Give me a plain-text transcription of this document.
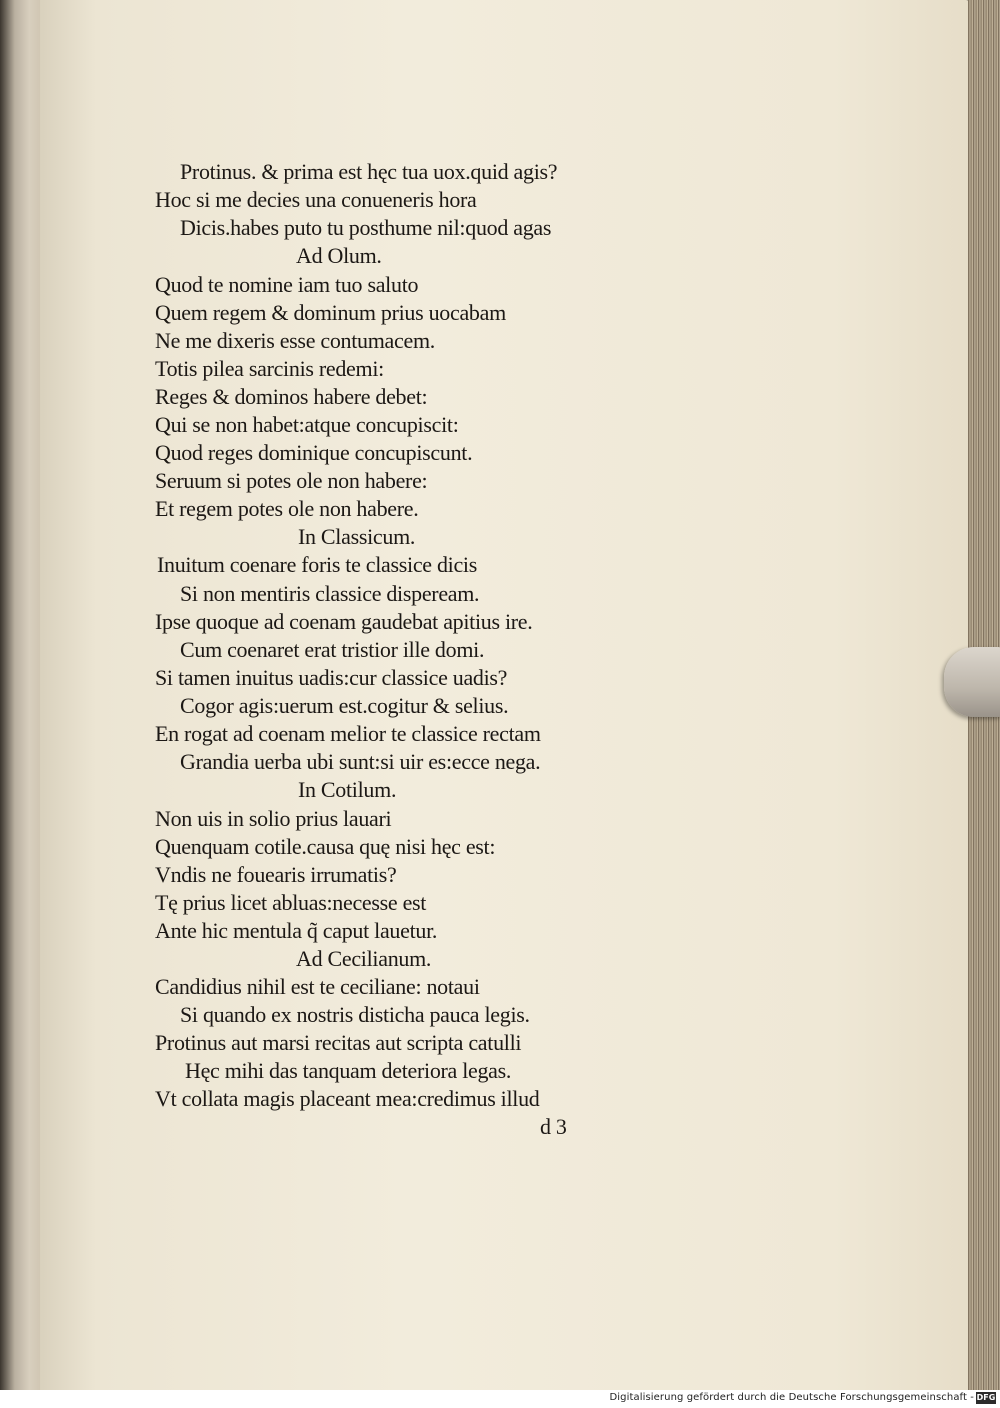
Protinus. & prima est hęc tua uox.quid agis?
Hoc si me decies una conueneris hora
Dicis.habes puto tu posthume nil:quod agas
Ad Olum.
Quod te nomine iam tuo saluto
Quem regem & dominum prius uocabam
Ne me dixeris esse contumacem.
Totis pilea sarcinis redemi:
Reges & dominos habere debet:
Qui se non habet:atque concupiscit:
Quod reges dominique concupiscunt.
Seruum si potes ole non habere:
Et regem potes ole non habere.
In Classicum.
Inuitum coenare foris te classice dicis
Si non mentiris classice dispeream.
Ipse quoque ad coenam gaudebat apitius ire.
Cum coenaret erat tristior ille domi.
Si tamen inuitus uadis:cur classice uadis?
Cogor agis:uerum est.cogitur & selius.
En rogat ad coenam melior te classice rectam
Grandia uerba ubi sunt:si uir es:ecce nega.
In Cotilum.
Non uis in solio prius lauari
Quenquam cotile.causa quę nisi hęc est:
Vndis ne fouearis irrumatis?
Tę prius licet abluas:necesse est
Ante hic mentula q̃ caput lauetur.
Ad Cecilianum.
Candidius nihil est te ceciliane: notaui
Si quando ex nostris disticha pauca legis.
Protinus aut marsi recitas aut scripta catulli
Hęc mihi das tanquam deteriora legas.
Vt collata magis placeant mea:credimus illud
d 3
Digitalisierung gefördert durch die Deutsche Forschungsgemeinschaft - DFG
